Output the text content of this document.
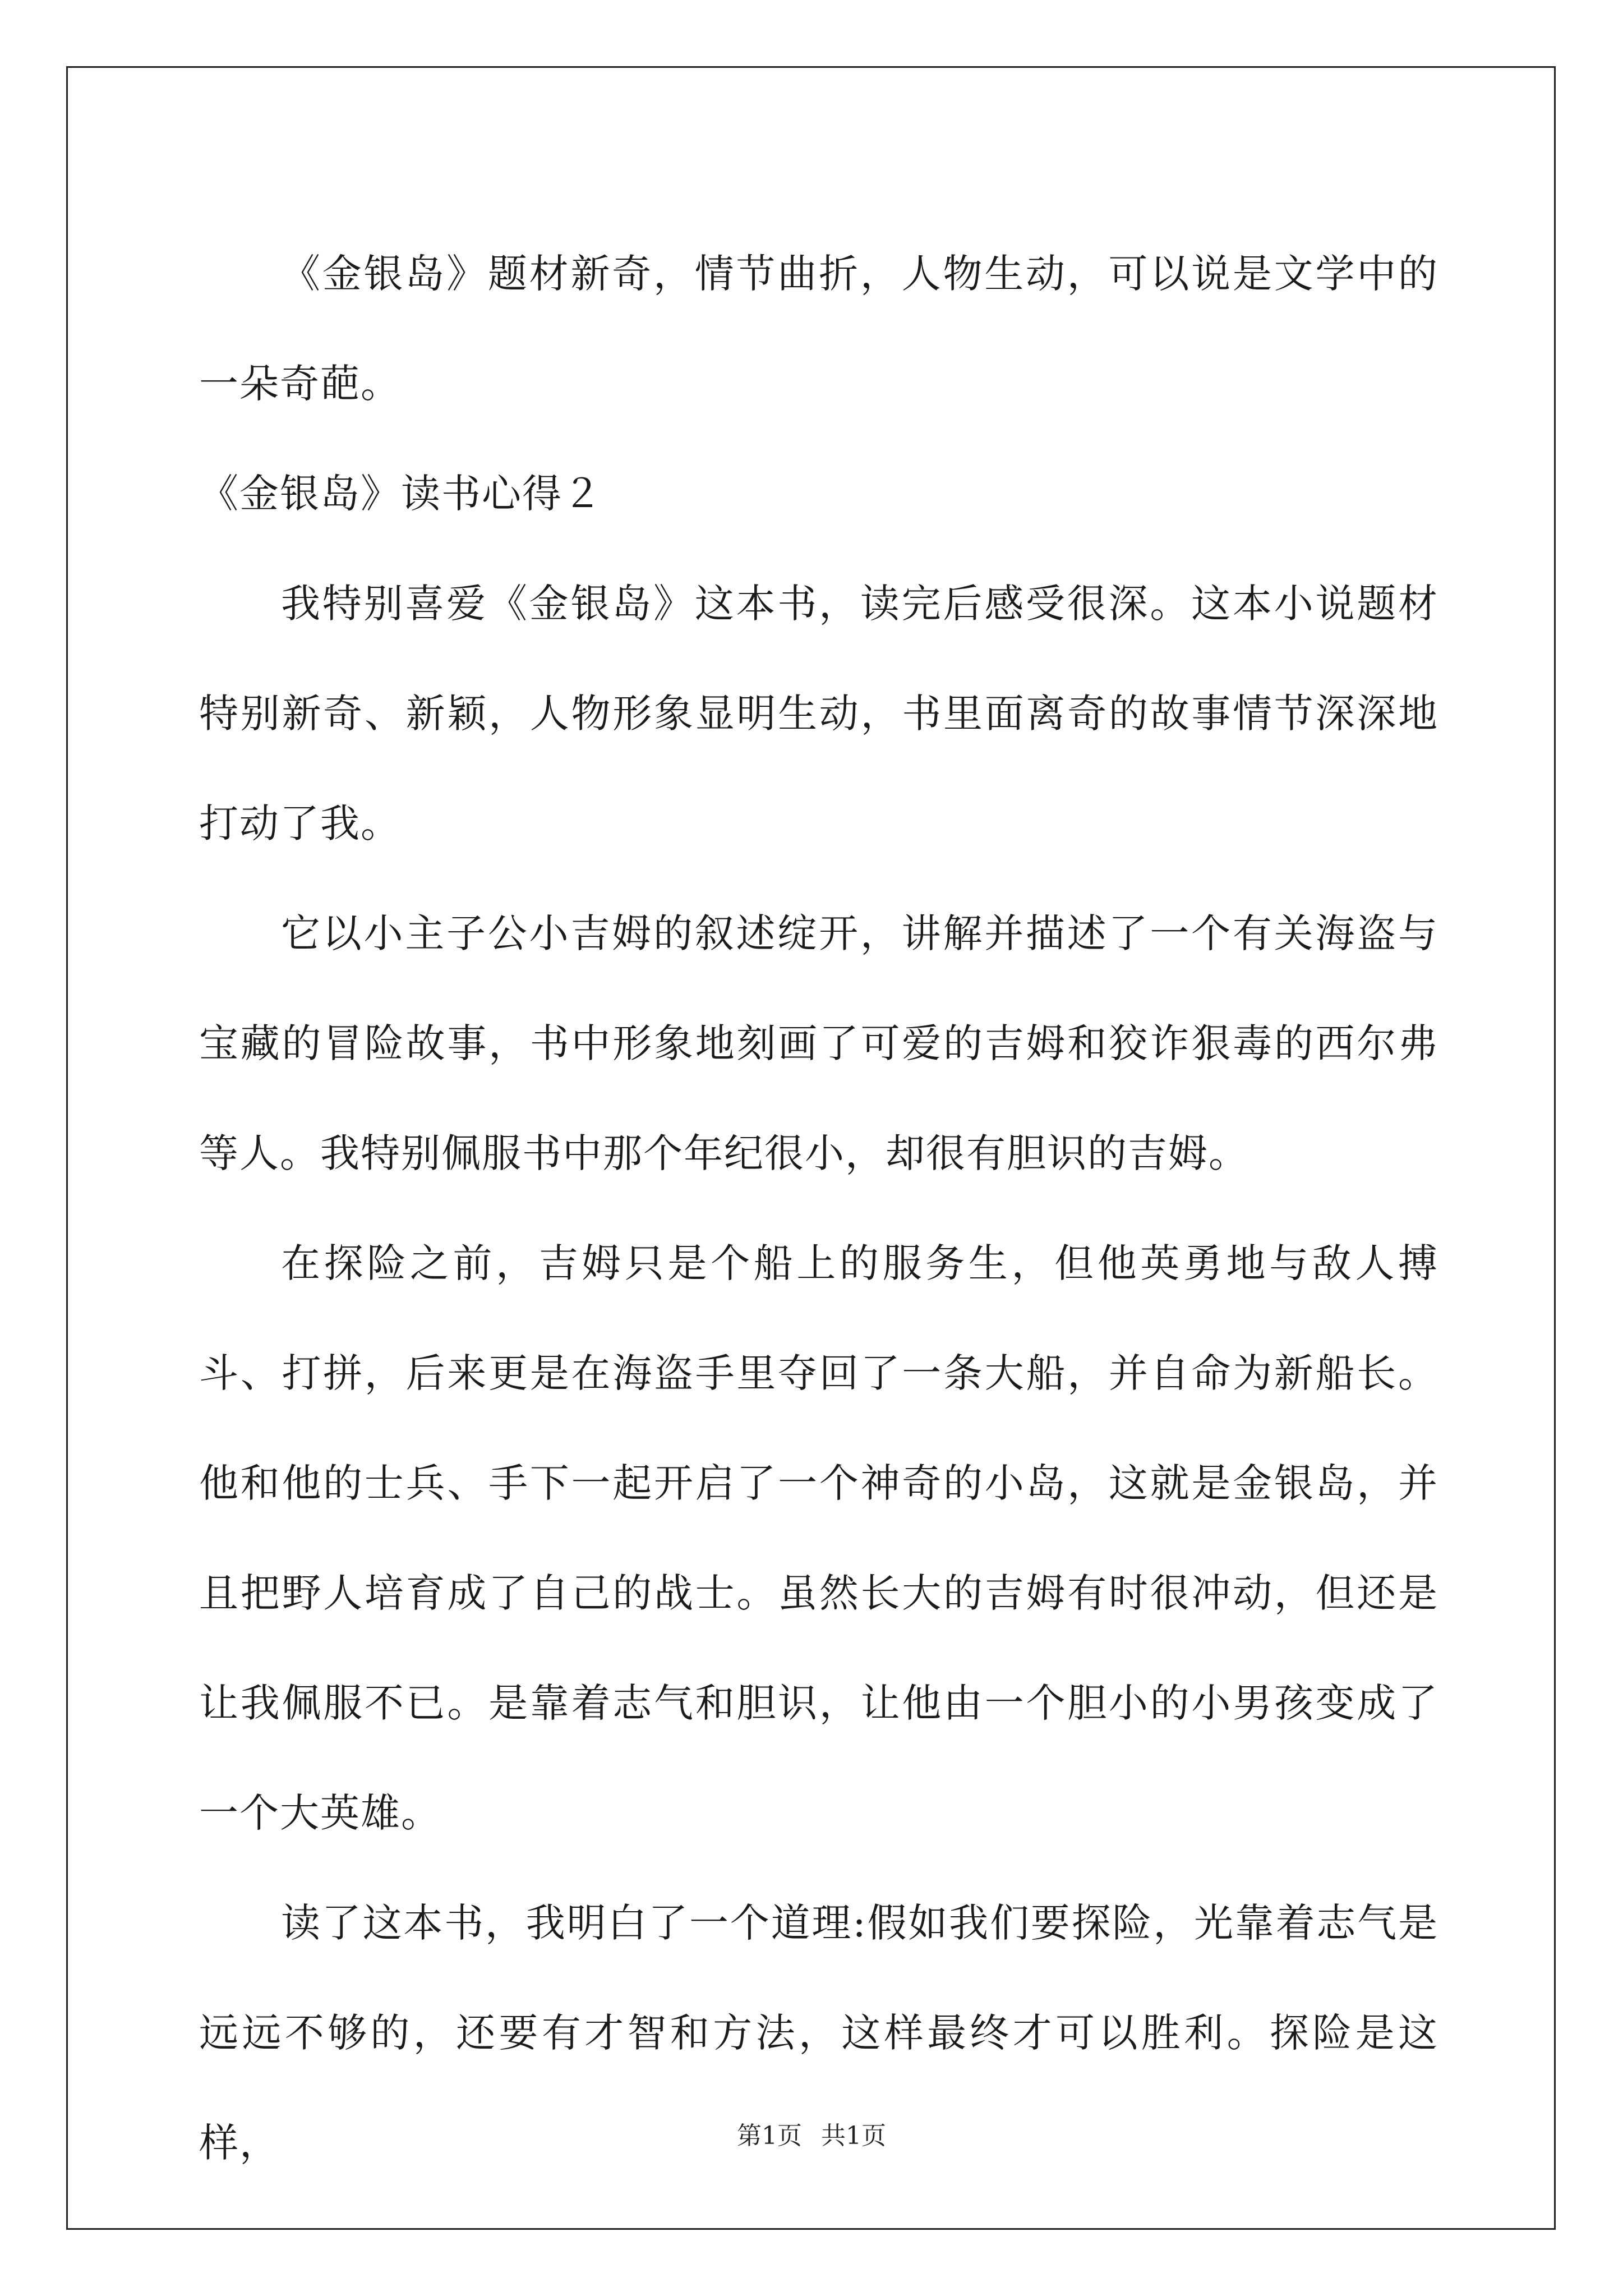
《金银岛》题材新奇，情节曲折，人物生动，可以说是文学中的一朵奇葩。

《金银岛》读书心得２

我特别喜爱《金银岛》这本书，读完后感受很深。这本小说题材特别新奇、新颖，人物形象显明生动，书里面离奇的故事情节深深地打动了我。

它以小主子公小吉姆的叙述绽开，讲解并描述了一个有关海盗与宝藏的冒险故事，书中形象地刻画了可爱的吉姆和狡诈狠毒的西尔弗等人。我特别佩服书中那个年纪很小，却很有胆识的吉姆。

在探险之前，吉姆只是个船上的服务生，但他英勇地与敌人搏斗、打拼，后来更是在海盗手里夺回了一条大船，并自命为新船长。他和他的士兵、手下一起开启了一个神奇的小岛，这就是金银岛，并且把野人培育成了自己的战士。虽然长大的吉姆有时很冲动，但还是让我佩服不已。是靠着志气和胆识，让他由一个胆小的小男孩变成了一个大英雄。

读了这本书，我明白了一个道理:假如我们要探险，光靠着志气是远远不够的，还要有才智和方法，这样最终才可以胜利。探险是这样，	第1页 共1页
